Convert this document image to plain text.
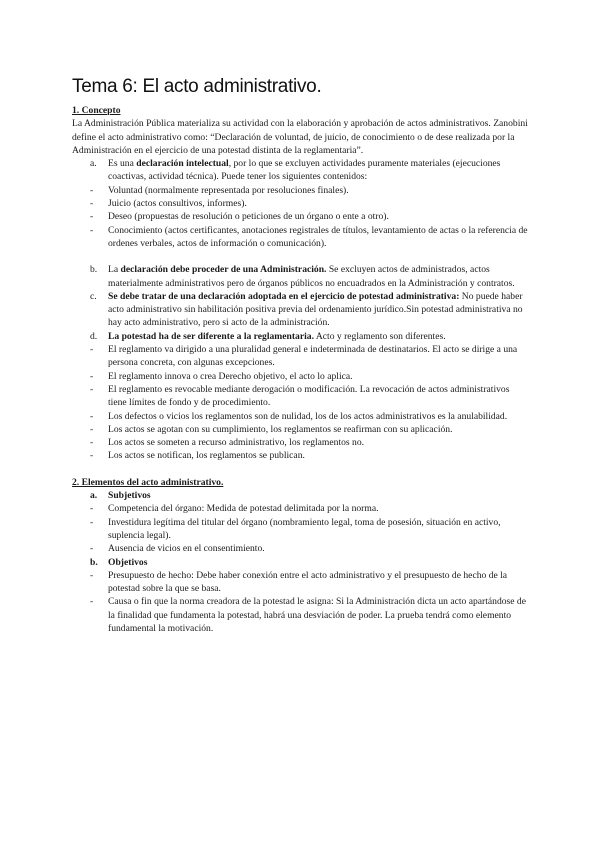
Tema 6: El acto administrativo.

1. Concepto

La Administración Pública materializa su actividad con la elaboración y aprobación de actos administrativos. Zanobini define el acto administrativo como: “Declaración de voluntad, de juicio, de conocimiento o de dese realizada por la Administración en el ejercicio de una potestad distinta de la reglamentaria”.

a. Es una declaración intelectual, por lo que se excluyen actividades puramente materiales (ejecuciones coactivas, actividad técnica). Puede tener los siguientes contenidos:
- Voluntad (normalmente representada por resoluciones finales).
- Juicio (actos consultivos, informes).
- Deseo (propuestas de resolución o peticiones de un órgano o ente a otro).
- Conocimiento (actos certificantes, anotaciones registrales de títulos, levantamiento de actas o la referencia de ordenes verbales, actos de información o comunicación).
b. La declaración debe proceder de una Administración. Se excluyen actos de administrados, actos materialmente administrativos pero de órganos públicos no encuadrados en la Administración y contratos.
c. Se debe tratar de una declaración adoptada en el ejercicio de potestad administrativa: No puede haber acto administrativo sin habilitación positiva previa del ordenamiento jurídico.Sin potestad administrativa no hay acto administrativo, pero si acto de la administración.
d. La potestad ha de ser diferente a la reglamentaria. Acto y reglamento son diferentes.
- El reglamento va dirigido a una pluralidad general e indeterminada de destinatarios. El acto se dirige a una persona concreta, con algunas excepciones.
- El reglamento innova o crea Derecho objetivo, el acto lo aplica.
- El reglamento es revocable mediante derogación o modificación. La revocación de actos administrativos tiene límites de fondo y de procedimiento.
- Los defectos o vicios los reglamentos son de nulidad, los de los actos administrativos es la anulabilidad.
- Los actos se agotan con su cumplimiento, los reglamentos se reafirman con su aplicación.
- Los actos se someten a recurso administrativo, los reglamentos no.
- Los actos se notifican, los reglamentos se publican.

2. Elementos del acto administrativo.

a. Subjetivos
- Competencia del órgano: Medida de potestad delimitada por la norma.
- Investidura legítima del titular del órgano (nombramiento legal, toma de posesión, situación en activo, suplencia legal).
- Ausencia de vicios en el consentimiento.
b. Objetivos
- Presupuesto de hecho: Debe haber conexión entre el acto administrativo y el presupuesto de hecho de la potestad sobre la que se basa.
- Causa o fin que la norma creadora de la potestad le asigna: Si la Administración dicta un acto apartándose de la finalidad que fundamenta la potestad, habrá una desviación de poder. La prueba tendrá como elemento fundamental la motivación.
